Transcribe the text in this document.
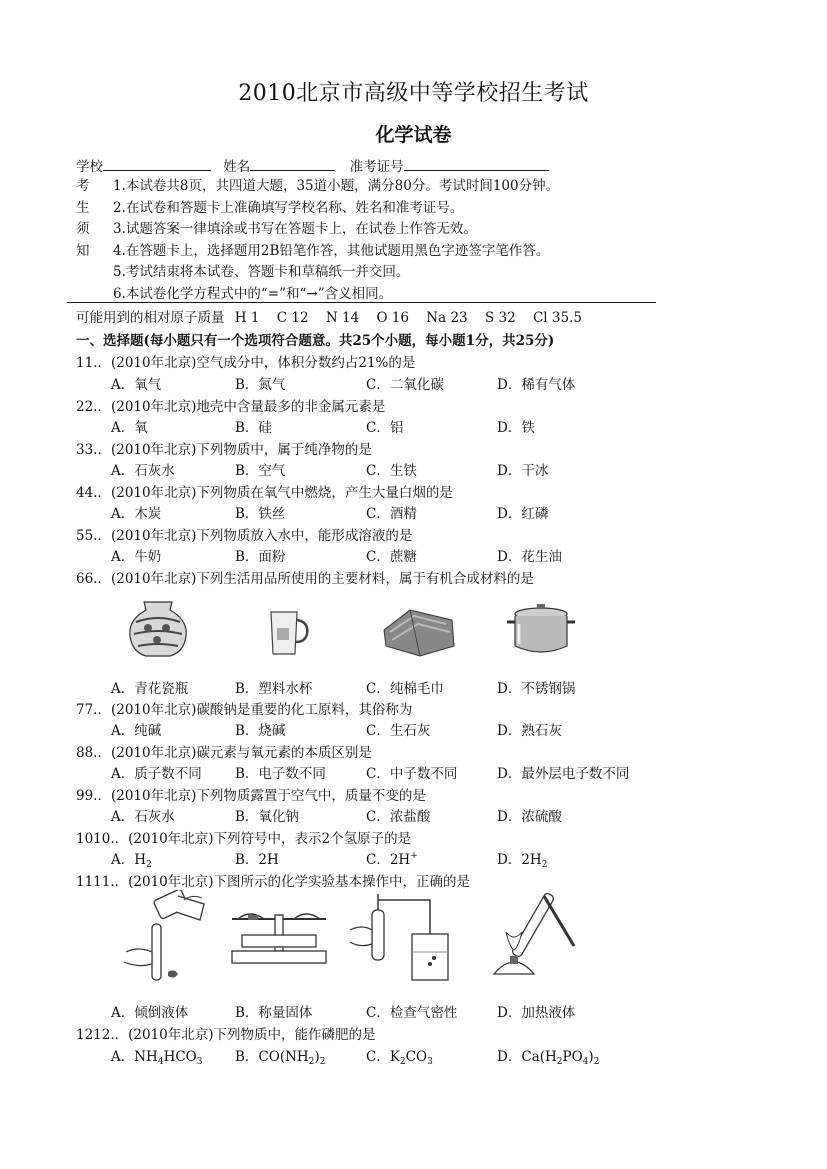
2010北京市高级中等学校招生考试
化学试卷
学校	姓名	准考证号
考 1.本试卷共8页，共四道大题，35道小题，满分80分。考试时间100分钟。
生 2.在试卷和答题卡上准确填写学校名称、姓名和准考证号。
须 3.试题答案一律填涂或书写在答题卡上，在试卷上作答无效。
知 4.在答题卡上，选择题用2B铅笔作答，其他试题用黑色字迹签字笔作答。
5.考试结束将本试卷、答题卡和草稿纸一并交回。
6.本试卷化学方程式中的“=”和“→”含义相同。
可能用到的相对原子质量 H 1 C 12 N 14 O 16 Na 23 S 32 Cl 35.5
一、选择题(每小题只有一个选项符合题意。共25个小题，每小题1分，共25分)
11.．(2010年北京)空气成分中，体积分数约占21%的是
A．氧气	B．氮气	C．二氧化碳	D．稀有气体
22.．(2010年北京)地壳中含量最多的非金属元素是
A．氧	B．硅	C．铝	D．铁
33.．(2010年北京)下列物质中，属于纯净物的是
A．石灰水	B．空气	C．生铁	D．干冰
44.．(2010年北京)下列物质在氧气中燃烧，产生大量白烟的是
A．木炭	B．铁丝	C．酒精	D．红磷
55.．(2010年北京)下列物质放入水中，能形成溶液的是
A．牛奶	B．面粉	C．蔗糖	D．花生油
66.．(2010年北京)下列生活用品所使用的主要材料，属于有机合成材料的是
A．青花瓷瓶	B．塑料水杯	C．纯棉毛巾	D．不锈钢锅
77.．(2010年北京)碳酸钠是重要的化工原料，其俗称为
A．纯碱	B．烧碱	C．生石灰	D．熟石灰
88.．(2010年北京)碳元素与氧元素的本质区别是
A．质子数不同 B．电子数不同	C．中子数不同	D．最外层电子数不同
99.．(2010年北京)下列物质露置于空气中，质量不变的是
A．石灰水	B．氧化钠	C．浓盐酸	D．浓硫酸
1010.．(2010年北京)下列符号中，表示2个氢原子的是
A．$H_2$	B．2H	C．2H+	D．$2H_2$
1111.．(2010年北京)下图所示的化学实验基本操作中，正确的是
A．倾倒液体	B．称量固体	C．检查气密性	D．加热液体
1212.．(2010年北京)下列物质中，能作磷肥的是
A．$NH_4HCO_3$ B．$CO(NH_2)_2$	C．$K_2CO_3$	D．$Ca(H_2PO_4)_2$
